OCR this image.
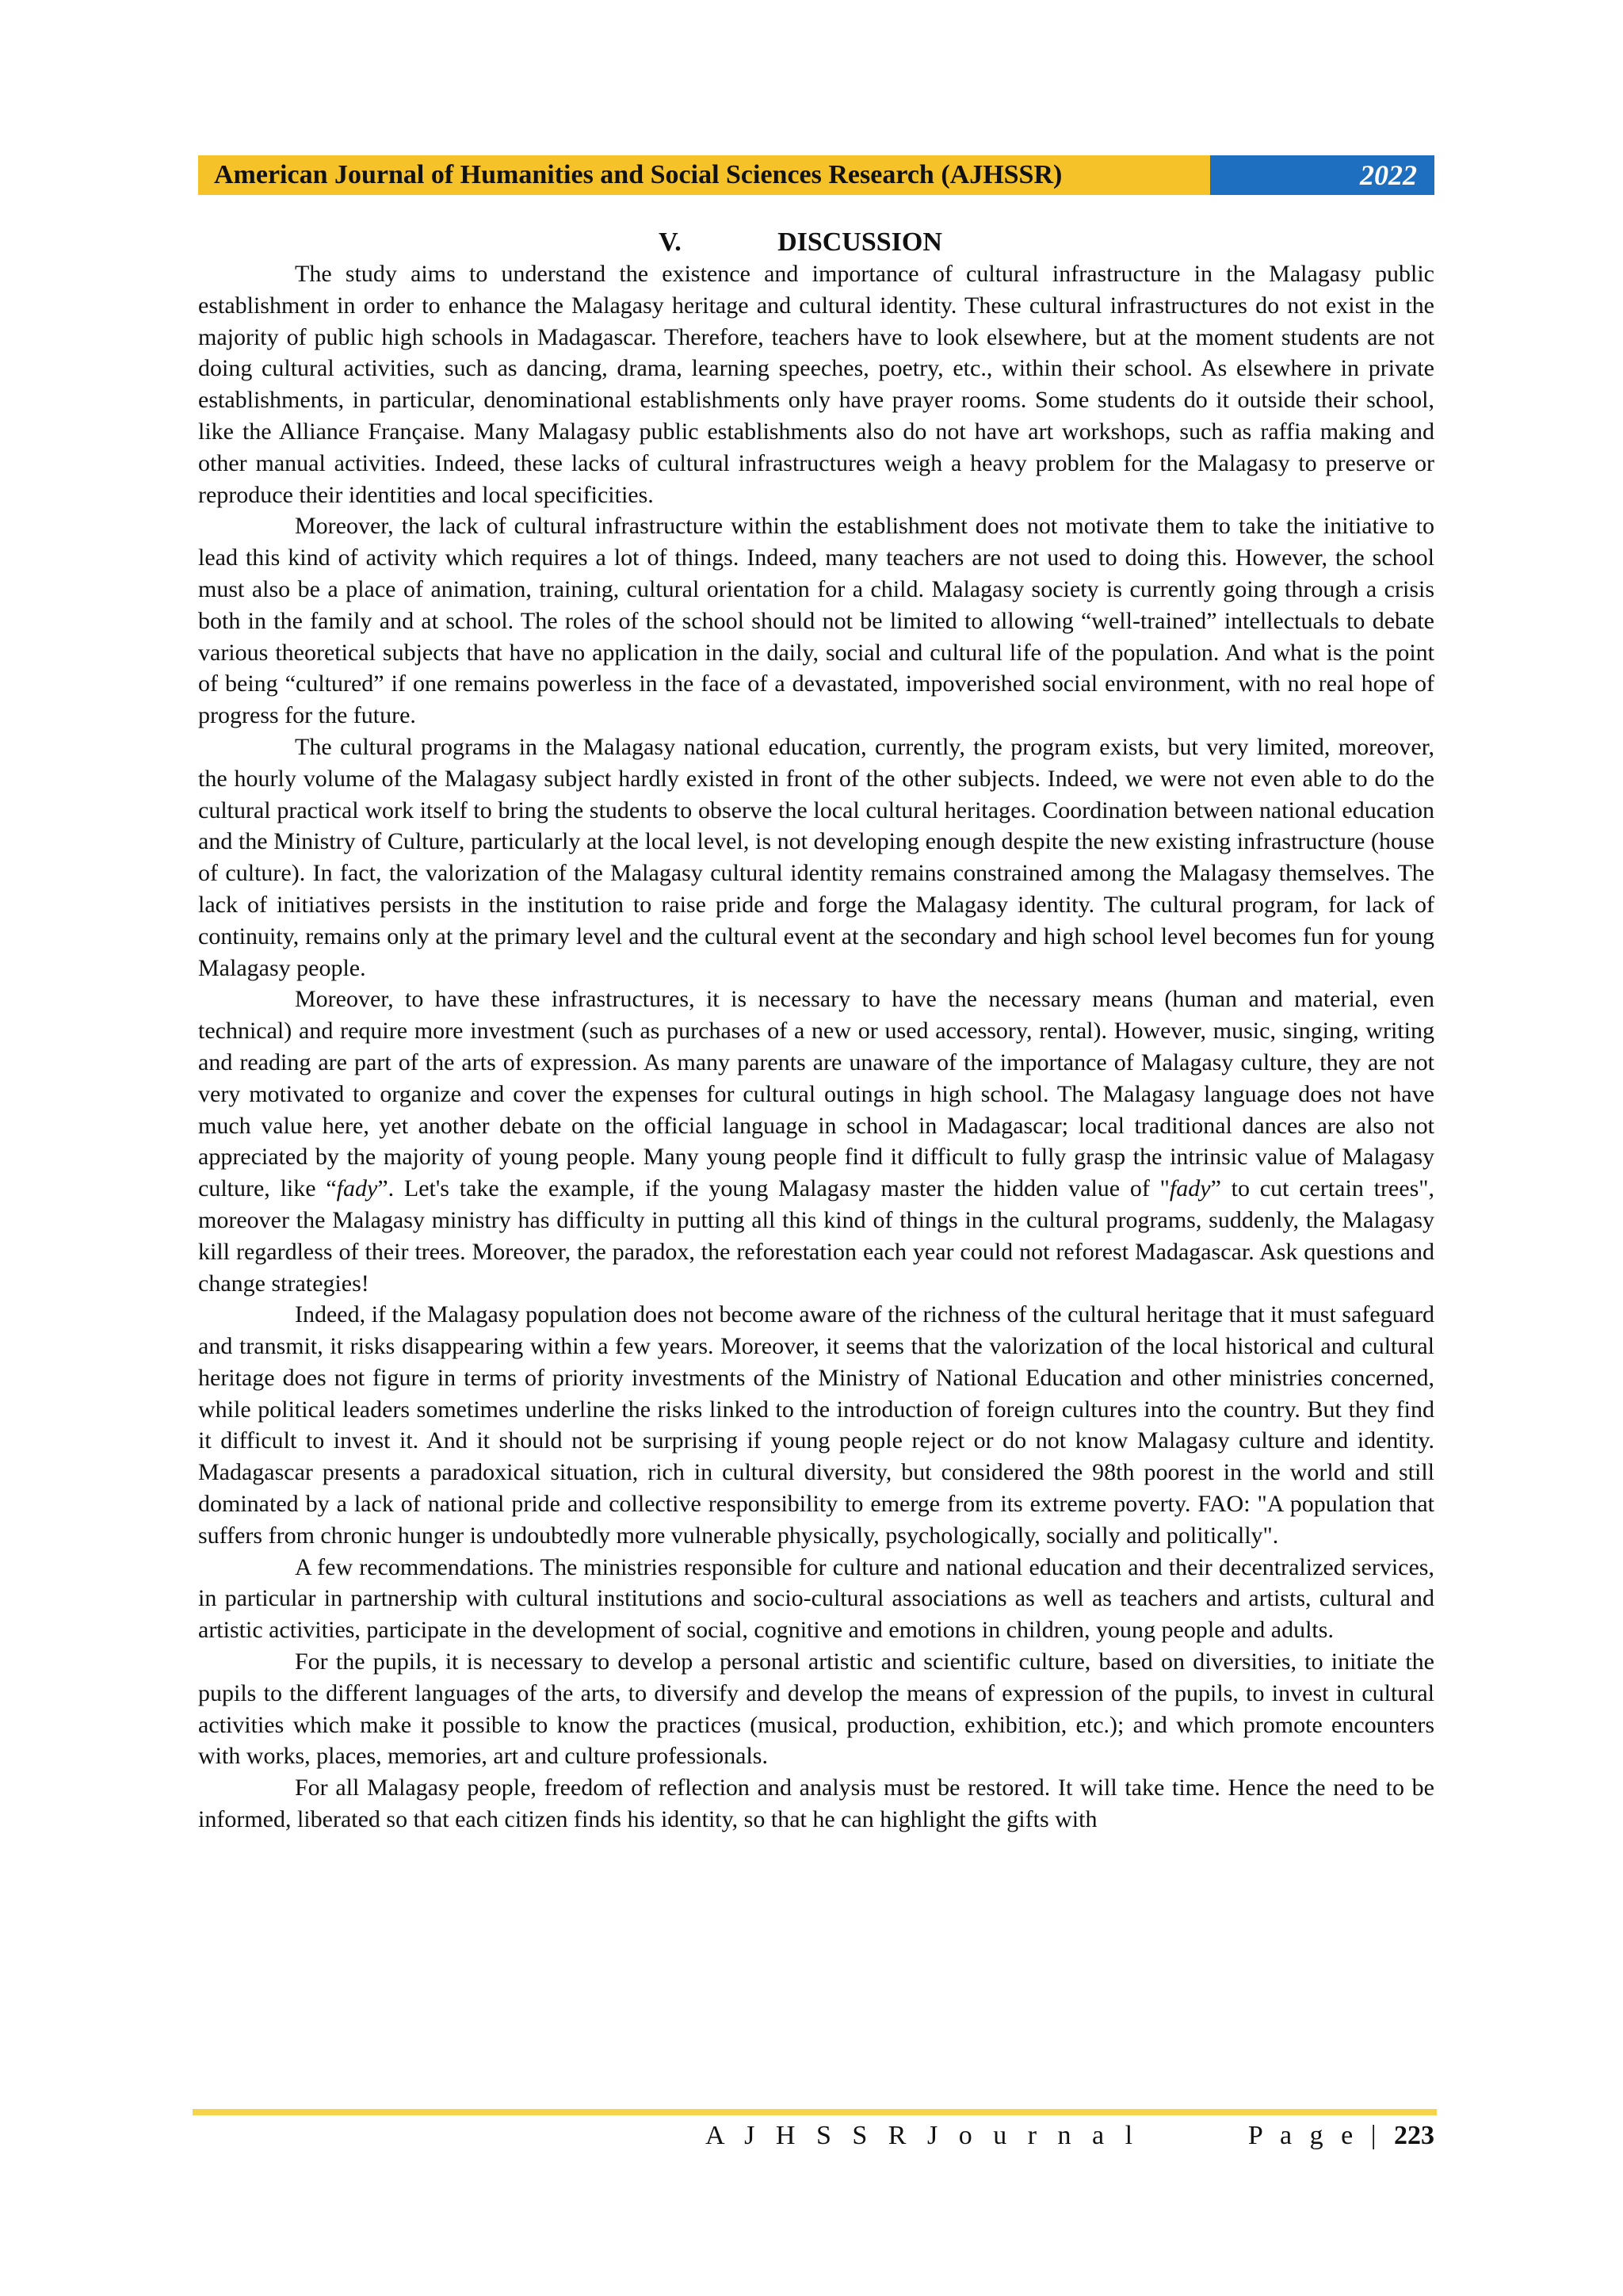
American Journal of Humanities and Social Sciences Research (AJHSSR)	2022
V.	DISCUSSION

The study aims to understand the existence and importance of cultural infrastructure in the Malagasy public establishment in order to enhance the Malagasy heritage and cultural identity. These cultural infrastructures do not exist in the majority of public high schools in Madagascar. Therefore, teachers have to look elsewhere, but at the moment students are not doing cultural activities, such as dancing, drama, learning speeches, poetry, etc., within their school. As elsewhere in private establishments, in particular, denominational establishments only have prayer rooms. Some students do it outside their school, like the Alliance Française. Many Malagasy public establishments also do not have art workshops, such as raffia making and other manual activities. Indeed, these lacks of cultural infrastructures weigh a heavy problem for the Malagasy to preserve or reproduce their identities and local specificities.

Moreover, the lack of cultural infrastructure within the establishment does not motivate them to take the initiative to lead this kind of activity which requires a lot of things. Indeed, many teachers are not used to doing this. However, the school must also be a place of animation, training, cultural orientation for a child. Malagasy society is currently going through a crisis both in the family and at school. The roles of the school should not be limited to allowing “well-trained” intellectuals to debate various theoretical subjects that have no application in the daily, social and cultural life of the population. And what is the point of being “cultured” if one remains powerless in the face of a devastated, impoverished social environment, with no real hope of progress for the future.

The cultural programs in the Malagasy national education, currently, the program exists, but very limited, moreover, the hourly volume of the Malagasy subject hardly existed in front of the other subjects. Indeed, we were not even able to do the cultural practical work itself to bring the students to observe the local cultural heritages. Coordination between national education and the Ministry of Culture, particularly at the local level, is not developing enough despite the new existing infrastructure (house of culture). In fact, the valorization of the Malagasy cultural identity remains constrained among the Malagasy themselves. The lack of initiatives persists in the institution to raise pride and forge the Malagasy identity. The cultural program, for lack of continuity, remains only at the primary level and the cultural event at the secondary and high school level becomes fun for young Malagasy people.

Moreover, to have these infrastructures, it is necessary to have the necessary means (human and material, even technical) and require more investment (such as purchases of a new or used accessory, rental). However, music, singing, writing and reading are part of the arts of expression. As many parents are unaware of the importance of Malagasy culture, they are not very motivated to organize and cover the expenses for cultural outings in high school. The Malagasy language does not have much value here, yet another debate on the official language in school in Madagascar; local traditional dances are also not appreciated by the majority of young people. Many young people find it difficult to fully grasp the intrinsic value of Malagasy culture, like “fady”. Let's take the example, if the young Malagasy master the hidden value of "fady” to cut certain trees", moreover the Malagasy ministry has difficulty in putting all this kind of things in the cultural programs, suddenly, the Malagasy kill regardless of their trees. Moreover, the paradox, the reforestation each year could not reforest Madagascar. Ask questions and change strategies!

Indeed, if the Malagasy population does not become aware of the richness of the cultural heritage that it must safeguard and transmit, it risks disappearing within a few years. Moreover, it seems that the valorization of the local historical and cultural heritage does not figure in terms of priority investments of the Ministry of National Education and other ministries concerned, while political leaders sometimes underline the risks linked to the introduction of foreign cultures into the country. But they find it difficult to invest it. And it should not be surprising if young people reject or do not know Malagasy culture and identity. Madagascar presents a paradoxical situation, rich in cultural diversity, but considered the 98th poorest in the world and still dominated by a lack of national pride and collective responsibility to emerge from its extreme poverty. FAO: "A population that suffers from chronic hunger is undoubtedly more vulnerable physically, psychologically, socially and politically".

A few recommendations. The ministries responsible for culture and national education and their decentralized services, in particular in partnership with cultural institutions and socio-cultural associations as well as teachers and artists, cultural and artistic activities, participate in the development of social, cognitive and emotions in children, young people and adults.

For the pupils, it is necessary to develop a personal artistic and scientific culture, based on diversities, to initiate the pupils to the different languages of the arts, to diversify and develop the means of expression of the pupils, to invest in cultural activities which make it possible to know the practices (musical, production, exhibition, etc.); and which promote encounters with works, places, memories, art and culture professionals.

For all Malagasy people, freedom of reflection and analysis must be restored. It will take time. Hence the need to be informed, liberated so that each citizen finds his identity, so that he can highlight the gifts with

A J H S S R J o u r n a l	P a g e | 223
